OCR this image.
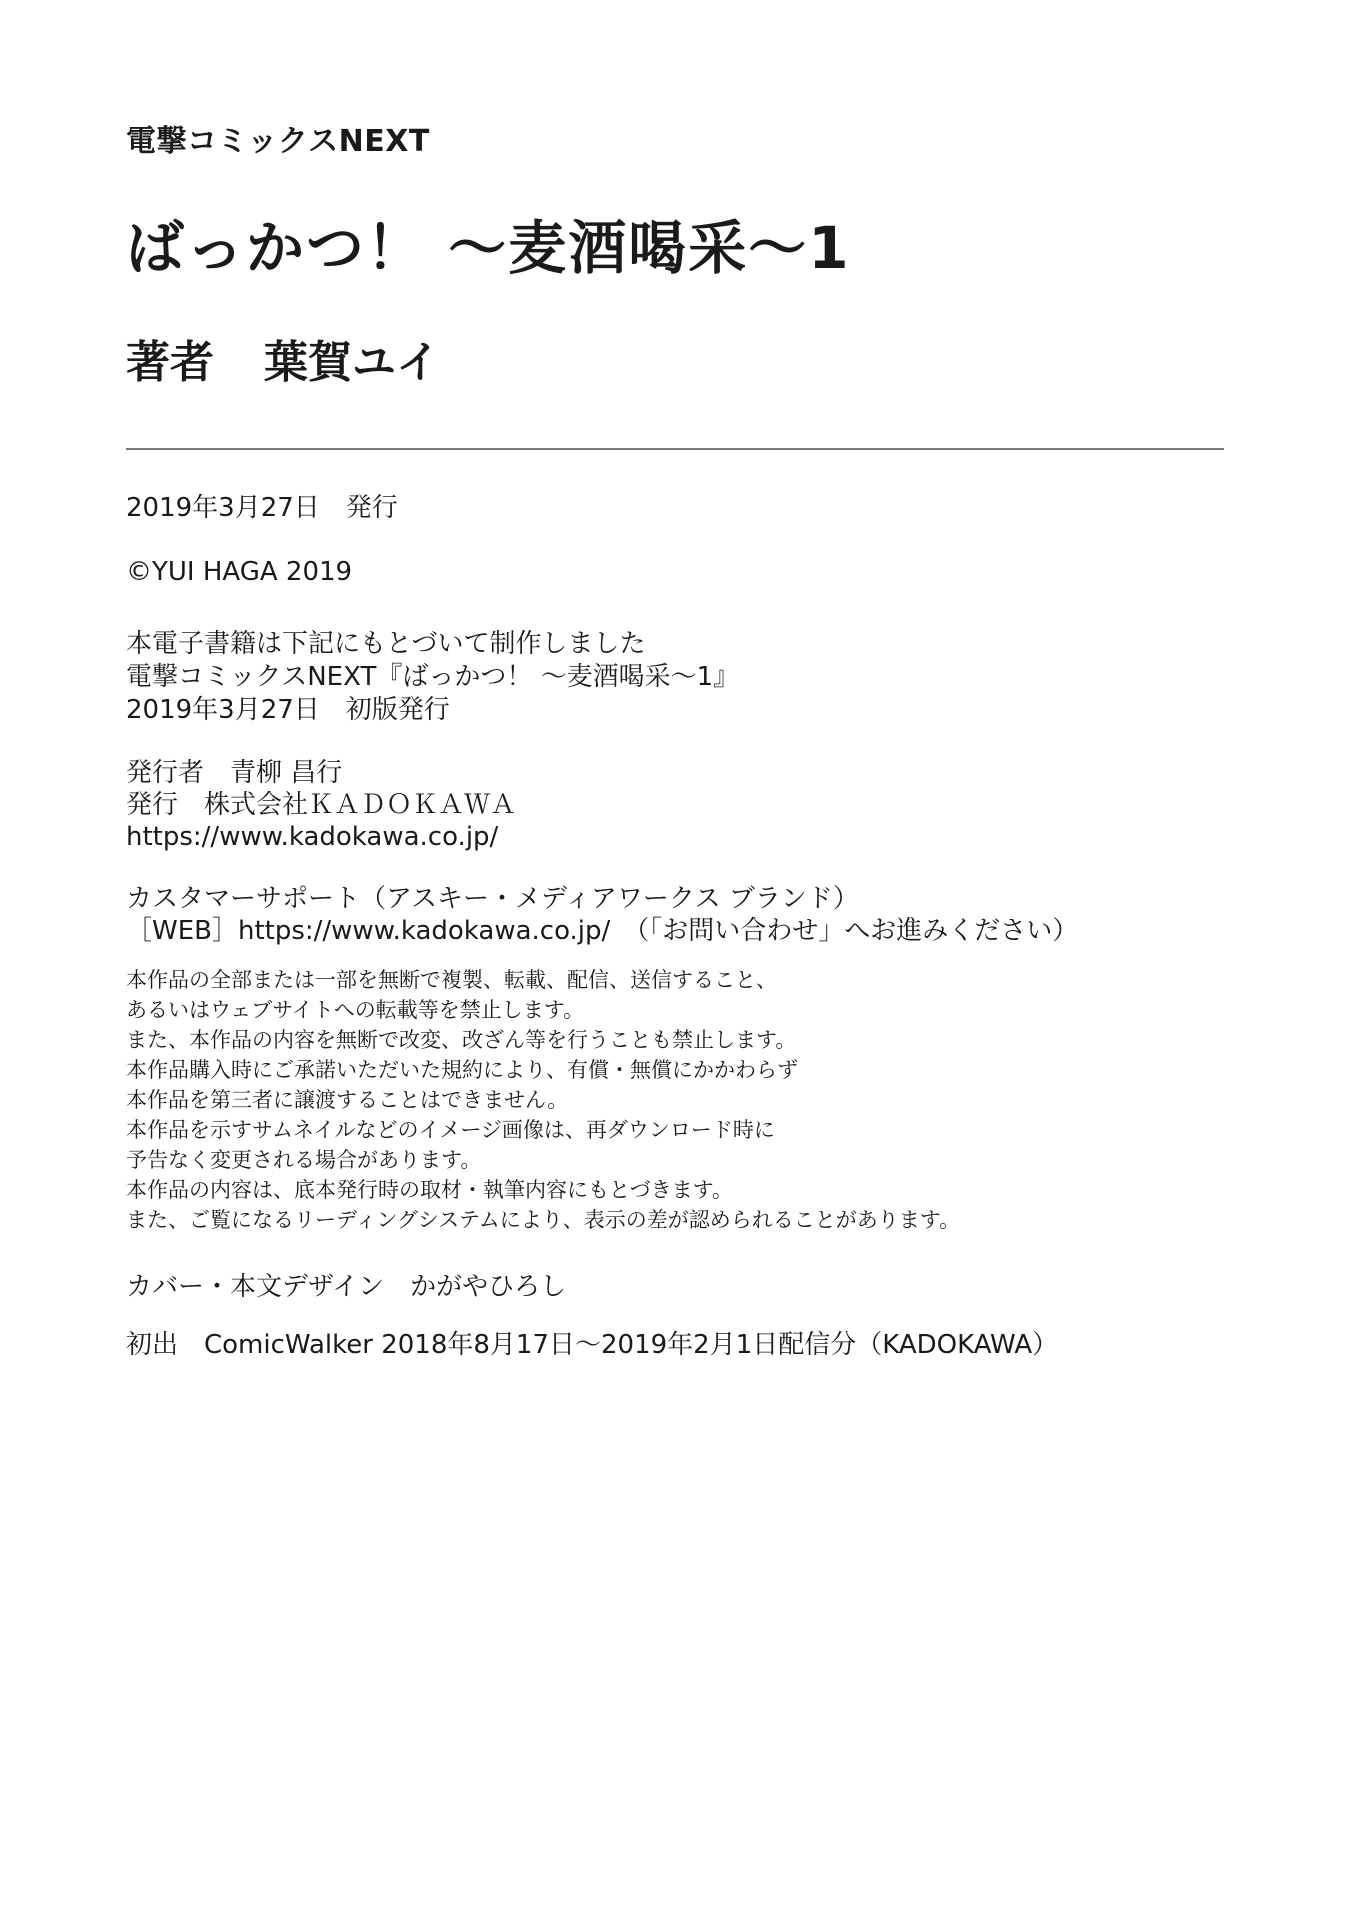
電撃コミックスNEXT
ばっかつ！ ～麦酒喝采～1
著者 葉賀ユイ
2019年3月27日　発行
©YUI HAGA 2019
本電子書籍は下記にもとづいて制作しました
電撃コミックスNEXT『ばっかつ！ ～麦酒喝采～1』
2019年3月27日　初版発行
発行者　青柳 昌行
発行　株式会社ＫＡＤＯＫＡＷＡ
https://www.kadokawa.co.jp/
カスタマーサポート（アスキー・メディアワークス ブランド）
［WEB］https://www.kadokawa.co.jp/　（「お問い合わせ」へお進みください）
本作品の全部または一部を無断で複製、転載、配信、送信すること、
あるいはウェブサイトへの転載等を禁止します。
また、本作品の内容を無断で改変、改ざん等を行うことも禁止します。
本作品購入時にご承諾いただいた規約により、有償・無償にかかわらず
本作品を第三者に譲渡することはできません。
本作品を示すサムネイルなどのイメージ画像は、再ダウンロード時に
予告なく変更される場合があります。
本作品の内容は、底本発行時の取材・執筆内容にもとづきます。
また、ご覧になるリーディングシステムにより、表示の差が認められることがあります。
カバー・本文デザイン　かがやひろし
初出　ComicWalker 2018年8月17日～2019年2月1日配信分（KADOKAWA）
